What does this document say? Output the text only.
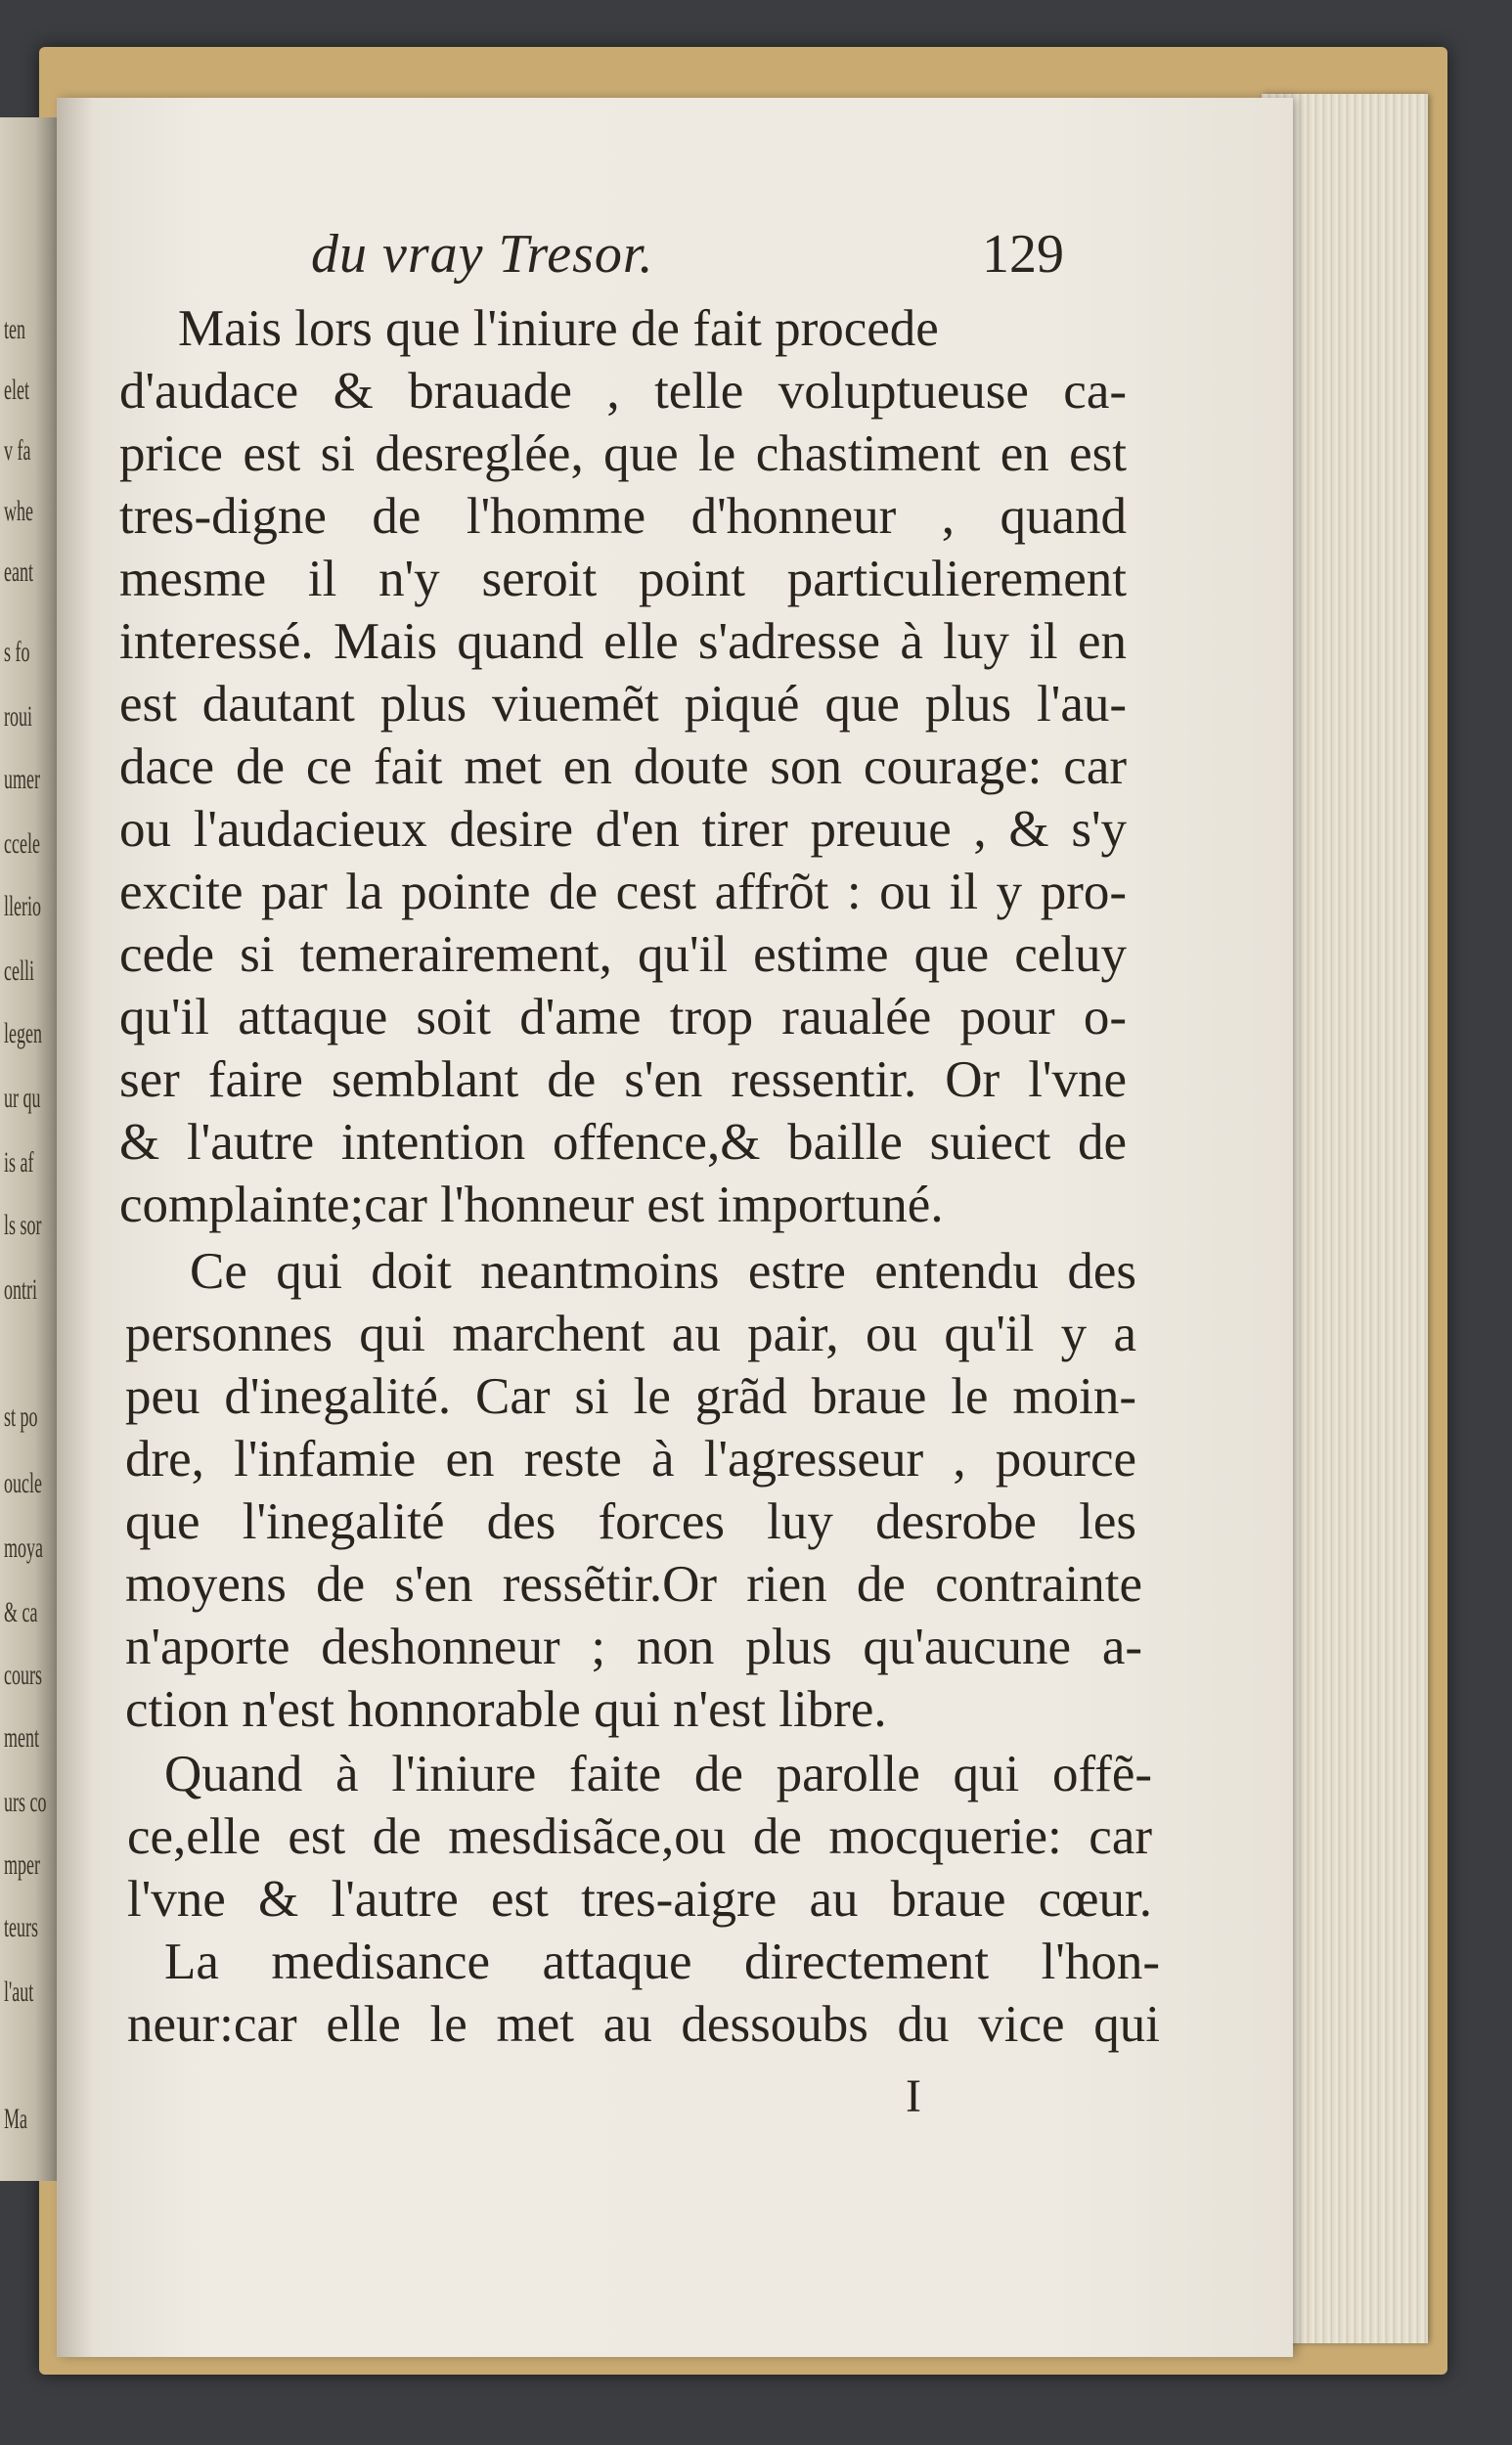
ten
elet
v fa
whe
eant
s fo
roui
umer
ccele
llerio
celli
legen
ur qu
is af
ls sor
ontri
st po
oucle
moya
& ca
cours
ment
urs co
mper
teurs
l'aut
Ma
du vray Tresor.	129
Mais lors que l'iniure de fait procede
d'audace & brauade , telle voluptueuse ca-
price est si desreglée, que le chastiment en est
tres-digne de l'homme d'honneur , quand
mesme il n'y seroit point particulierement
interessé. Mais quand elle s'adresse à luy il en
est dautant plus viuemẽt piqué que plus l'au-
dace de ce fait met en doute son courage: car
ou l'audacieux desire d'en tirer preuue , & s'y
excite par la pointe de cest affrõt : ou il y pro-
cede si temerairement, qu'il estime que celuy
qu'il attaque soit d'ame trop raualée pour o-
ser faire semblant de s'en ressentir. Or l'vne
& l'autre intention offence,& baille suiect de
complainte;car l'honneur est importuné.
Ce qui doit neantmoins estre entendu des
personnes qui marchent au pair, ou qu'il y a
peu d'inegalité. Car si le grãd braue le moin-
dre, l'infamie en reste à l'agresseur , pource
que l'inegalité des forces luy desrobe les
moyens de s'en ressẽtir.Or rien de contrainte
n'aporte deshonneur ; non plus qu'aucune a-
ction n'est honnorable qui n'est libre.
Quand à l'iniure faite de parolle qui offẽ-
ce,elle est de mesdisãce,ou de mocquerie: car
l'vne & l'autre est tres-aigre au braue cœur.
La medisance attaque directement l'hon-
neur:car elle le met au dessoubs du vice qui
I
